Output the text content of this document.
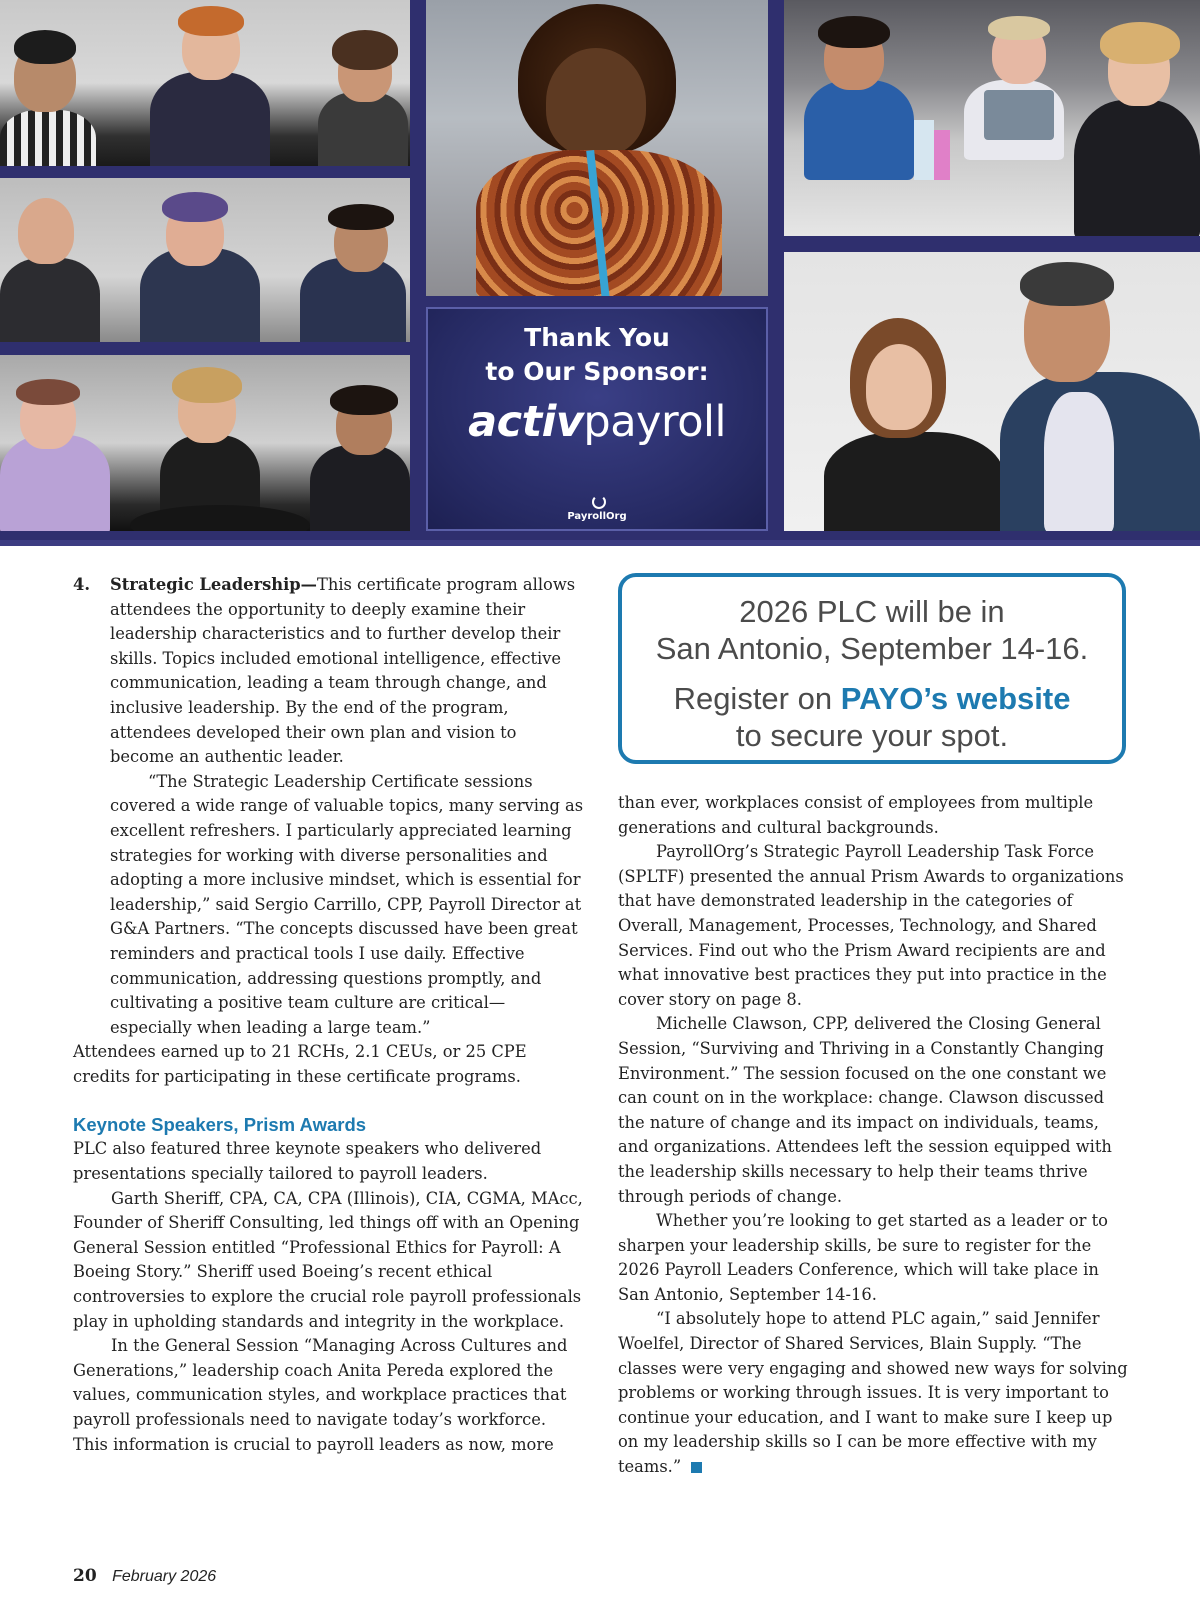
Thank You
to Our Sponsor:
activpayroll
PayrollOrg
4. Strategic Leadership—This certificate program allows attendees the opportunity to deeply examine their leadership characteristics and to further develop their skills. Topics included emotional intelligence, effective communication, leading a team through change, and inclusive leadership. By the end of the program, attendees developed their own plan and vision to become an authentic leader.

“The Strategic Leadership Certificate sessions covered a wide range of valuable topics, many serving as excellent refreshers. I particularly appreciated learning strategies for working with diverse personalities and adopting a more inclusive mindset, which is essential for leadership,” said Sergio Carrillo, CPP, Payroll Director at G&A Partners. “The concepts discussed have been great reminders and practical tools I use daily. Effective communication, addressing questions promptly, and cultivating a positive team culture are critical—especially when leading a large team.”

Attendees earned up to 21 RCHs, 2.1 CEUs, or 25 CPE credits for participating in these certificate programs.

Keynote Speakers, Prism Awards

PLC also featured three keynote speakers who delivered presentations specially tailored to payroll leaders.

Garth Sheriff, CPA, CA, CPA (Illinois), CIA, CGMA, MAcc, Founder of Sheriff Consulting, led things off with an Opening General Session entitled “Professional Ethics for Payroll: A Boeing Story.” Sheriff used Boeing’s recent ethical controversies to explore the crucial role payroll professionals play in upholding standards and integrity in the workplace.

In the General Session “Managing Across Cultures and Generations,” leadership coach Anita Pereda explored the values, communication styles, and workplace practices that payroll professionals need to navigate today’s workforce. This information is crucial to payroll leaders as now, more

2026 PLC will be in
San Antonio, September 14-16.
Register on PAYO’s website
to secure your spot.

than ever, workplaces consist of employees from multiple generations and cultural backgrounds.

PayrollOrg’s Strategic Payroll Leadership Task Force (SPLTF) presented the annual Prism Awards to organizations that have demonstrated leadership in the categories of Overall, Management, Processes, Technology, and Shared Services. Find out who the Prism Award recipients are and what innovative best practices they put into practice in the cover story on page 8.

Michelle Clawson, CPP, delivered the Closing General Session, “Surviving and Thriving in a Constantly Changing Environment.” The session focused on the one constant we can count on in the workplace: change. Clawson discussed the nature of change and its impact on individuals, teams, and organizations. Attendees left the session equipped with the leadership skills necessary to help their teams thrive through periods of change.

Whether you’re looking to get started as a leader or to sharpen your leadership skills, be sure to register for the 2026 Payroll Leaders Conference, which will take place in San Antonio, September 14-16.

“I absolutely hope to attend PLC again,” said Jennifer Woelfel, Director of Shared Services, Blain Supply. “The classes were very engaging and showed new ways for solving problems or working through issues. It is very important to continue your education, and I want to make sure I keep up on my leadership skills so I can be more effective with my teams.”

20 February 2026
